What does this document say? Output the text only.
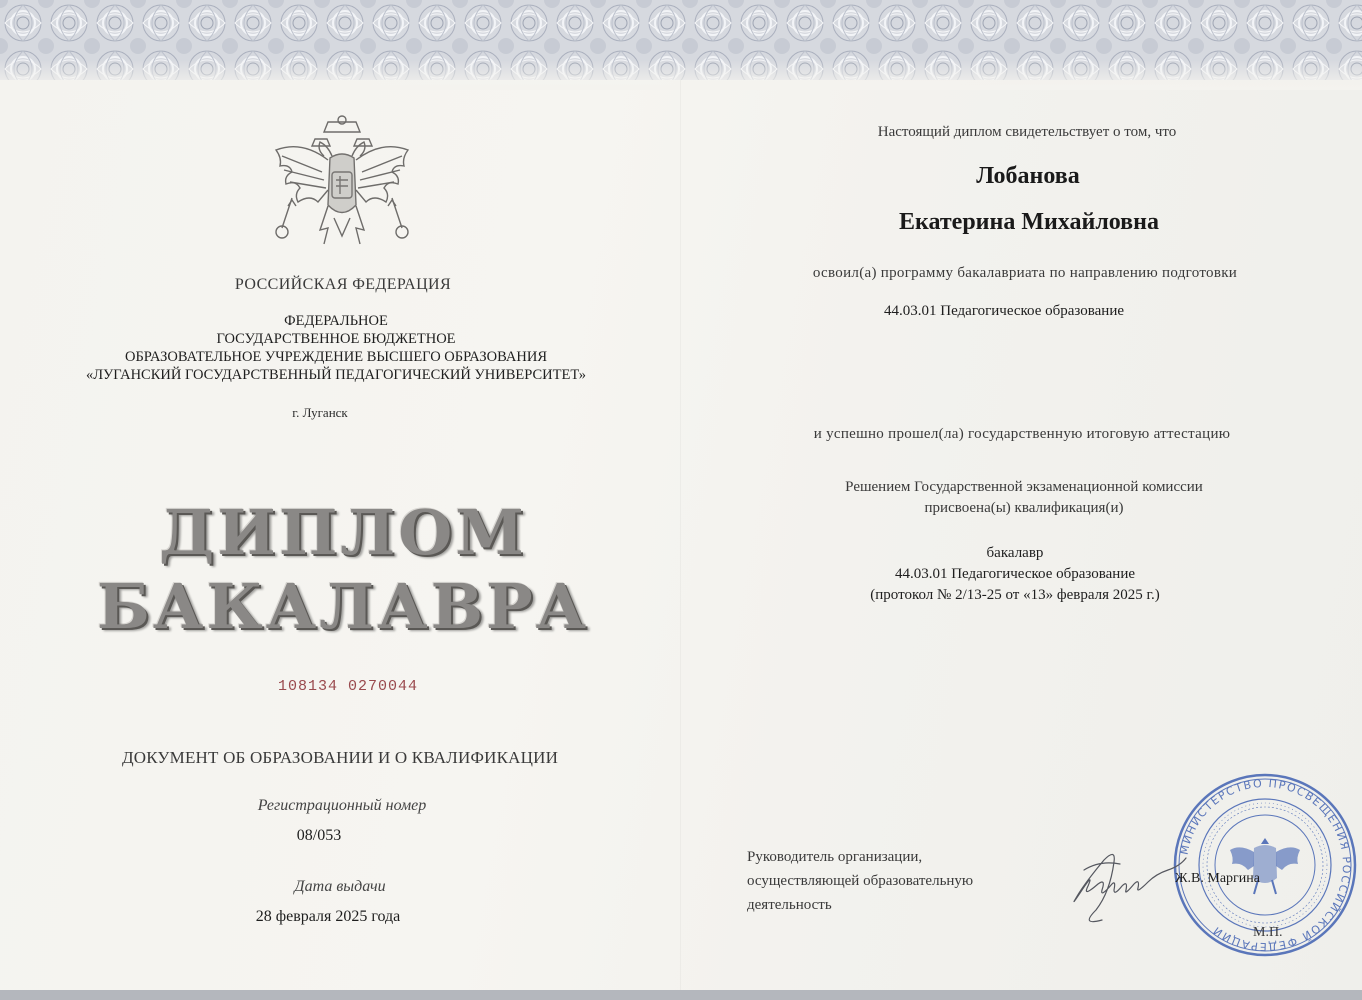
РОССИЙСКАЯ ФЕДЕРАЦИЯ
ФЕДЕРАЛЬНОЕ
ГОСУДАРСТВЕННОЕ БЮДЖЕТНОЕ
ОБРАЗОВАТЕЛЬНОЕ УЧРЕЖДЕНИЕ ВЫСШЕГО ОБРАЗОВАНИЯ
«ЛУГАНСКИЙ ГОСУДАРСТВЕННЫЙ ПЕДАГОГИЧЕСКИЙ УНИВЕРСИТЕТ»
г. Луганск
ДИПЛОМ
БАКАЛАВРА
108134 0270044
ДОКУМЕНТ ОБ ОБРАЗОВАНИИ И О КВАЛИФИКАЦИИ
Регистрационный номер
08/053
Дата выдачи
28 февраля 2025 года
Настоящий диплом свидетельствует о том, что
Лобанова
Екатерина Михайловна
освоил(а) программу бакалавриата по направлению подготовки
44.03.01 Педагогическое образование
и успешно прошел(ла) государственную итоговую аттестацию
Решением Государственной экзаменационной комиссии
присвоена(ы) квалификация(и)
бакалавр
44.03.01 Педагогическое образование
(протокол № 2/13-25 от «13» февраля 2025 г.)
Руководитель организации,
осуществляющей образовательную
деятельность
МИНИСТЕРСТВО ПРОСВЕЩЕНИЯ РОССИЙСКОЙ ФЕДЕРАЦИИ
Ж.В. Маргина
М.П.
